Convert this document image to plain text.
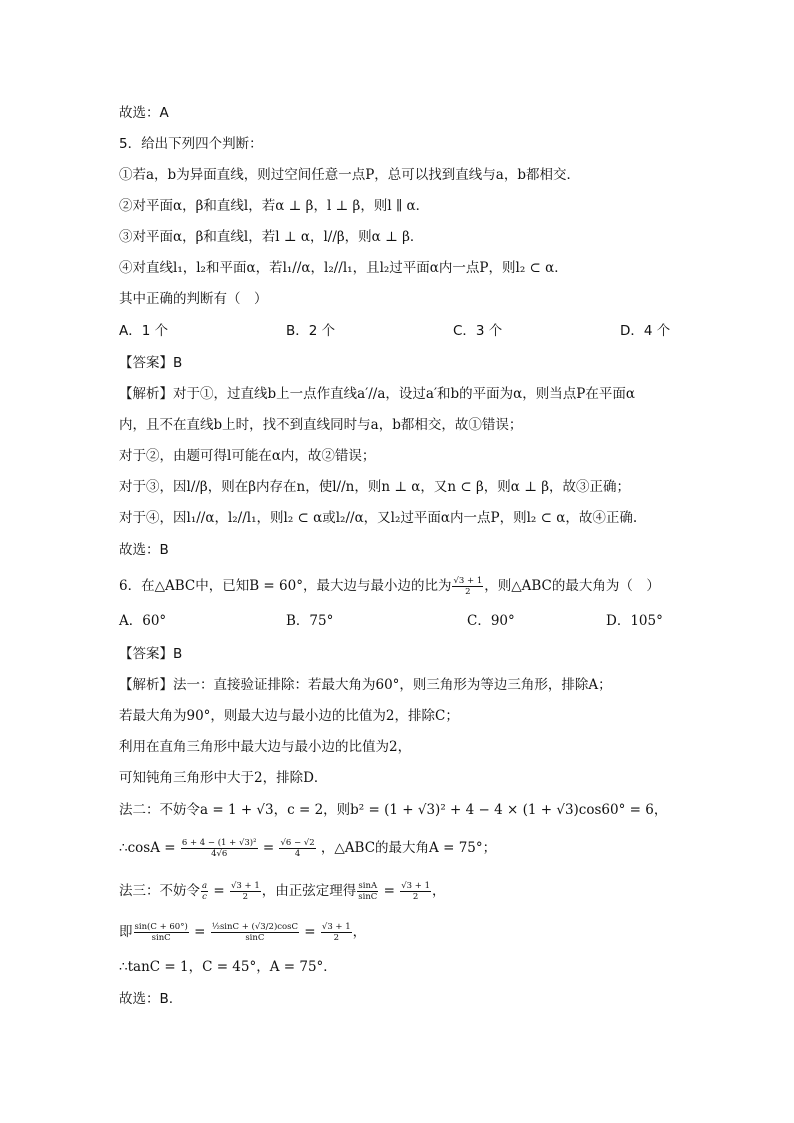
故选：A
5．给出下列四个判断：
①若a，b为异面直线，则过空间任意一点P，总可以找到直线与a，b都相交．
②对平面α，β和直线l，若α ⊥ β，l ⊥ β，则l ∥ α．
③对平面α，β和直线l，若l ⊥ α，l//β，则α ⊥ β．
④对直线l₁，l₂和平面α，若l₁//α，l₂//l₁，且l₂过平面α内一点P，则l₂ ⊂ α．
其中正确的判断有（　）
A．1 个	B．2 个	C．3 个	D．4 个
【答案】B
【解析】对于①，过直线b上一点作直线a′//a，设过a′和b的平面为α，则当点P在平面α
内，且不在直线b上时，找不到直线同时与a，b都相交，故①错误；
对于②，由题可得l可能在α内，故②错误；
对于③，因l//β，则在β内存在n，使l//n，则n ⊥ α，又n ⊂ β，则α ⊥ β，故③正确；
对于④，因l₁//α，l₂//l₁，则l₂ ⊂ α或l₂//α，又l₂过平面α内一点P，则l₂ ⊂ α，故④正确.
故选：B
6．在△ABC中，已知B = 60°，最大边与最小边的比为 $\frac{√3 + 1}{2}$ ，则△ABC的最大角为（　）
A．60°	B．75°	C．90°	D．105°
【答案】B
【解析】法一：直接验证排除：若最大角为60°，则三角形为等边三角形，排除A；
若最大角为90°，则最大边与最小边的比值为2，排除C；
利用在直角三角形中最大边与最小边的比值为2，
可知钝角三角形中大于2，排除D．
法二：不妨令a = 1 + √3，c = 2，则b² = (1 + √3)² + 4 − 4 × (1 + √3)cos60° = 6，
∴cosA = $\frac{\text{6 + 4 − (1 + √3)²}}{4√6} = \frac{√6 - √2}{4}$ ，△ABC的最大角A = 75°；
法三：不妨令 $\frac{a}{c} = \frac{√3 + 1}{2}$ ，由正弦定理得 $\frac{\sin A}{\sin C} = \frac{√3 + 1}{2}$ ，
即 $\frac{\sin(C + 60^\circ)}{\sin C} = \frac{\text{½sinC + (√3/2)cosC}}{\sin C} = \frac{√3 + 1}{2}$ ，
∴tanC = 1，C = 45°，A = 75°．
故选：B.
